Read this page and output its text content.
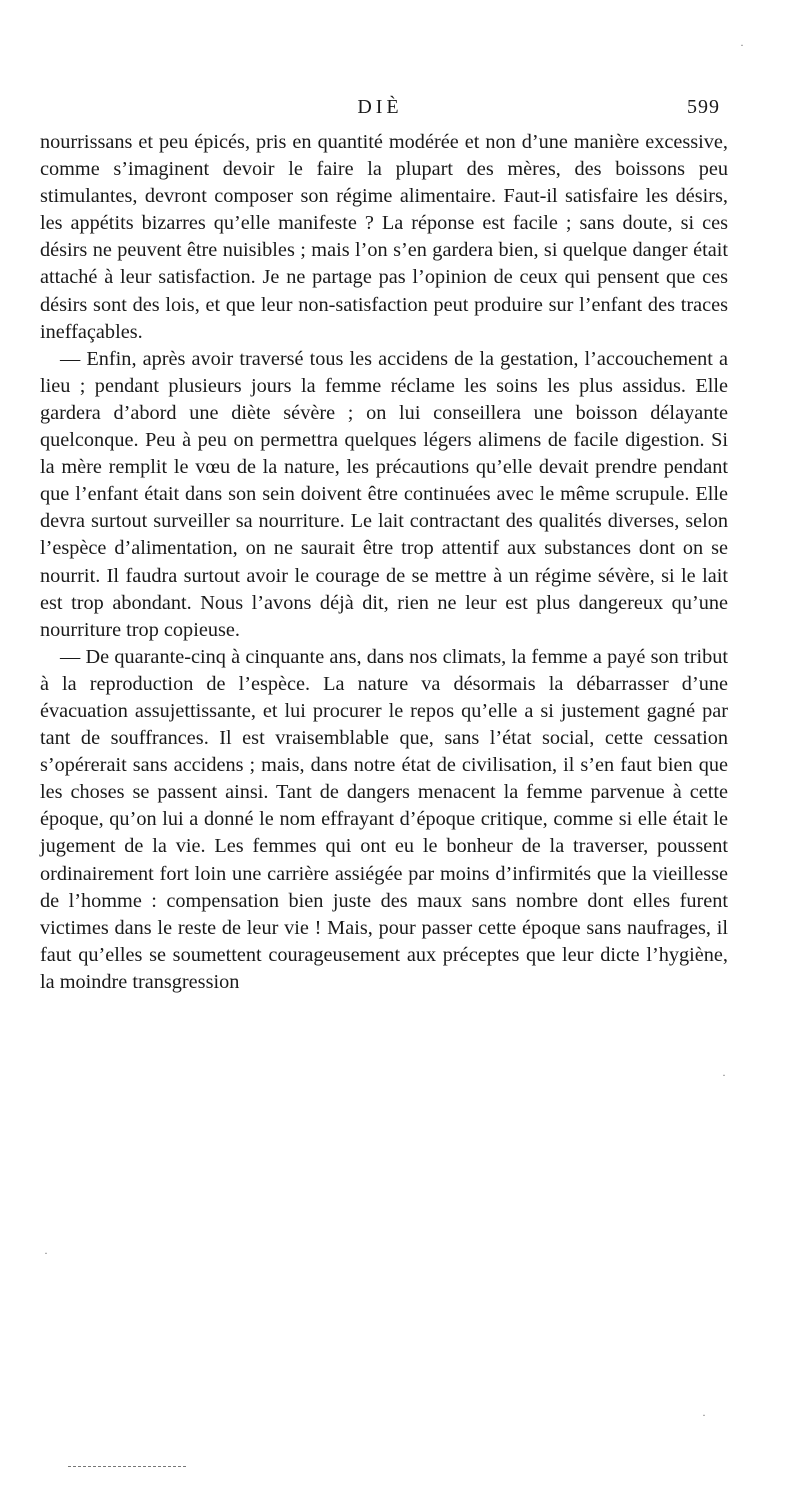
DIÈ	599

nourrissans et peu épicés, pris en quantité modérée et non d’une manière excessive, comme s’imaginent devoir le faire la plupart des mères, des boissons peu stimulantes, devront composer son régime alimentaire. Faut-il satisfaire les désirs, les appétits bizarres qu’elle manifeste ? La réponse est facile ; sans doute, si ces désirs ne peuvent être nuisibles ; mais l’on s’en gardera bien, si quelque danger était attaché à leur satisfaction. Je ne partage pas l’opinion de ceux qui pensent que ces désirs sont des lois, et que leur non-satisfaction peut produire sur l’enfant des traces ineffaçables.

— Enfin, après avoir traversé tous les accidens de la gestation, l’accouchement a lieu ; pendant plusieurs jours la femme réclame les soins les plus assidus. Elle gardera d’abord une diète sévère ; on lui conseillera une boisson délayante quelconque. Peu à peu on permettra quelques légers alimens de facile digestion. Si la mère remplit le vœu de la nature, les précautions qu’elle devait prendre pendant que l’enfant était dans son sein doivent être continuées avec le même scrupule. Elle devra surtout surveiller sa nourriture. Le lait contractant des qualités diverses, selon l’espèce d’alimentation, on ne saurait être trop attentif aux substances dont on se nourrit. Il faudra surtout avoir le courage de se mettre à un régime sévère, si le lait est trop abondant. Nous l’avons déjà dit, rien ne leur est plus dangereux qu’une nourriture trop copieuse.

— De quarante-cinq à cinquante ans, dans nos climats, la femme a payé son tribut à la reproduction de l’espèce. La nature va désormais la débarrasser d’une évacuation assujettissante, et lui procurer le repos qu’elle a si justement gagné par tant de souffrances. Il est vraisemblable que, sans l’état social, cette cessation s’opérerait sans accidens ; mais, dans notre état de civilisation, il s’en faut bien que les choses se passent ainsi. Tant de dangers menacent la femme parvenue à cette époque, qu’on lui a donné le nom effrayant d’époque critique, comme si elle était le jugement de la vie. Les femmes qui ont eu le bonheur de la traverser, poussent ordinairement fort loin une carrière assiégée par moins d’infirmités que la vieillesse de l’homme : compensation bien juste des maux sans nombre dont elles furent victimes dans le reste de leur vie ! Mais, pour passer cette époque sans naufrages, il faut qu’elles se soumettent courageusement aux préceptes que leur dicte l’hygiène, la moindre transgression

·
·
·
·
